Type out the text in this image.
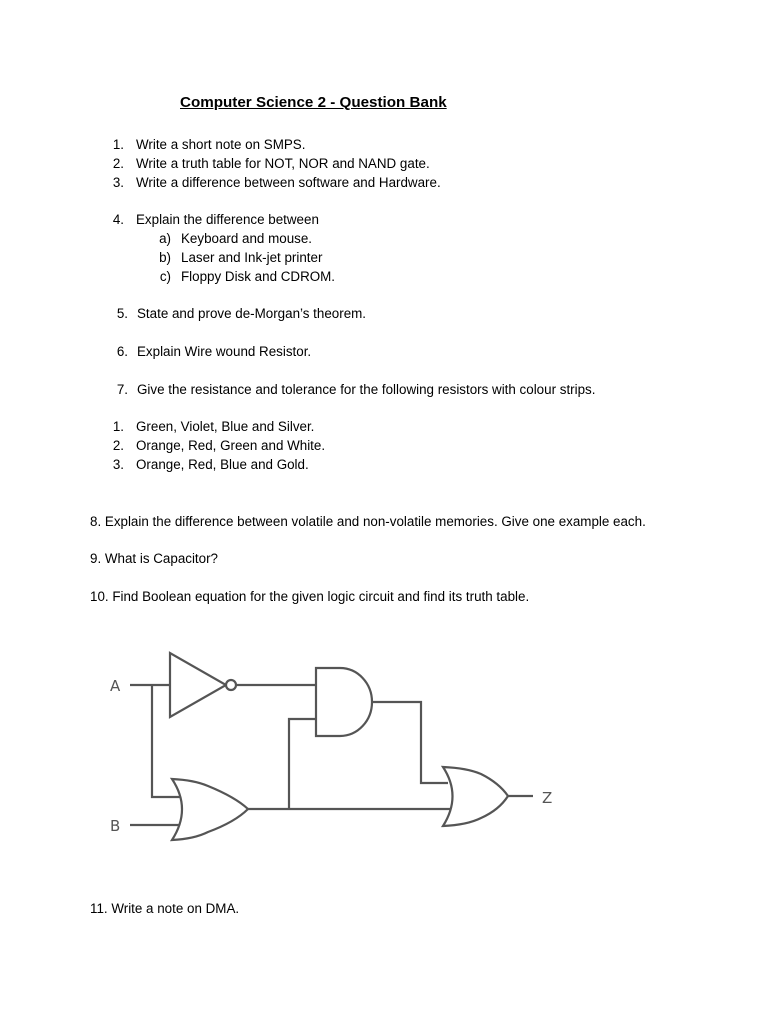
Computer Science 2 - Question Bank
1. Write a short note on SMPS.
2. Write a truth table for NOT, NOR and NAND gate.
3. Write a difference between software and Hardware.
4. Explain the difference between
a) Keyboard and mouse.
b) Laser and Ink-jet printer
c) Floppy Disk and CDROM.
5. State and prove de-Morgan’s theorem.
6. Explain Wire wound Resistor.
7. Give the resistance and tolerance for the following resistors with colour strips.
1. Green, Violet, Blue and Silver.
2. Orange, Red, Green and White.
3. Orange, Red, Blue and Gold.
8. Explain the difference between volatile and non-volatile memories. Give one example each.
9. What is Capacitor?
10. Find Boolean equation for the given logic circuit and find its truth table.
11. Write a note on DMA.
A
B
Z
